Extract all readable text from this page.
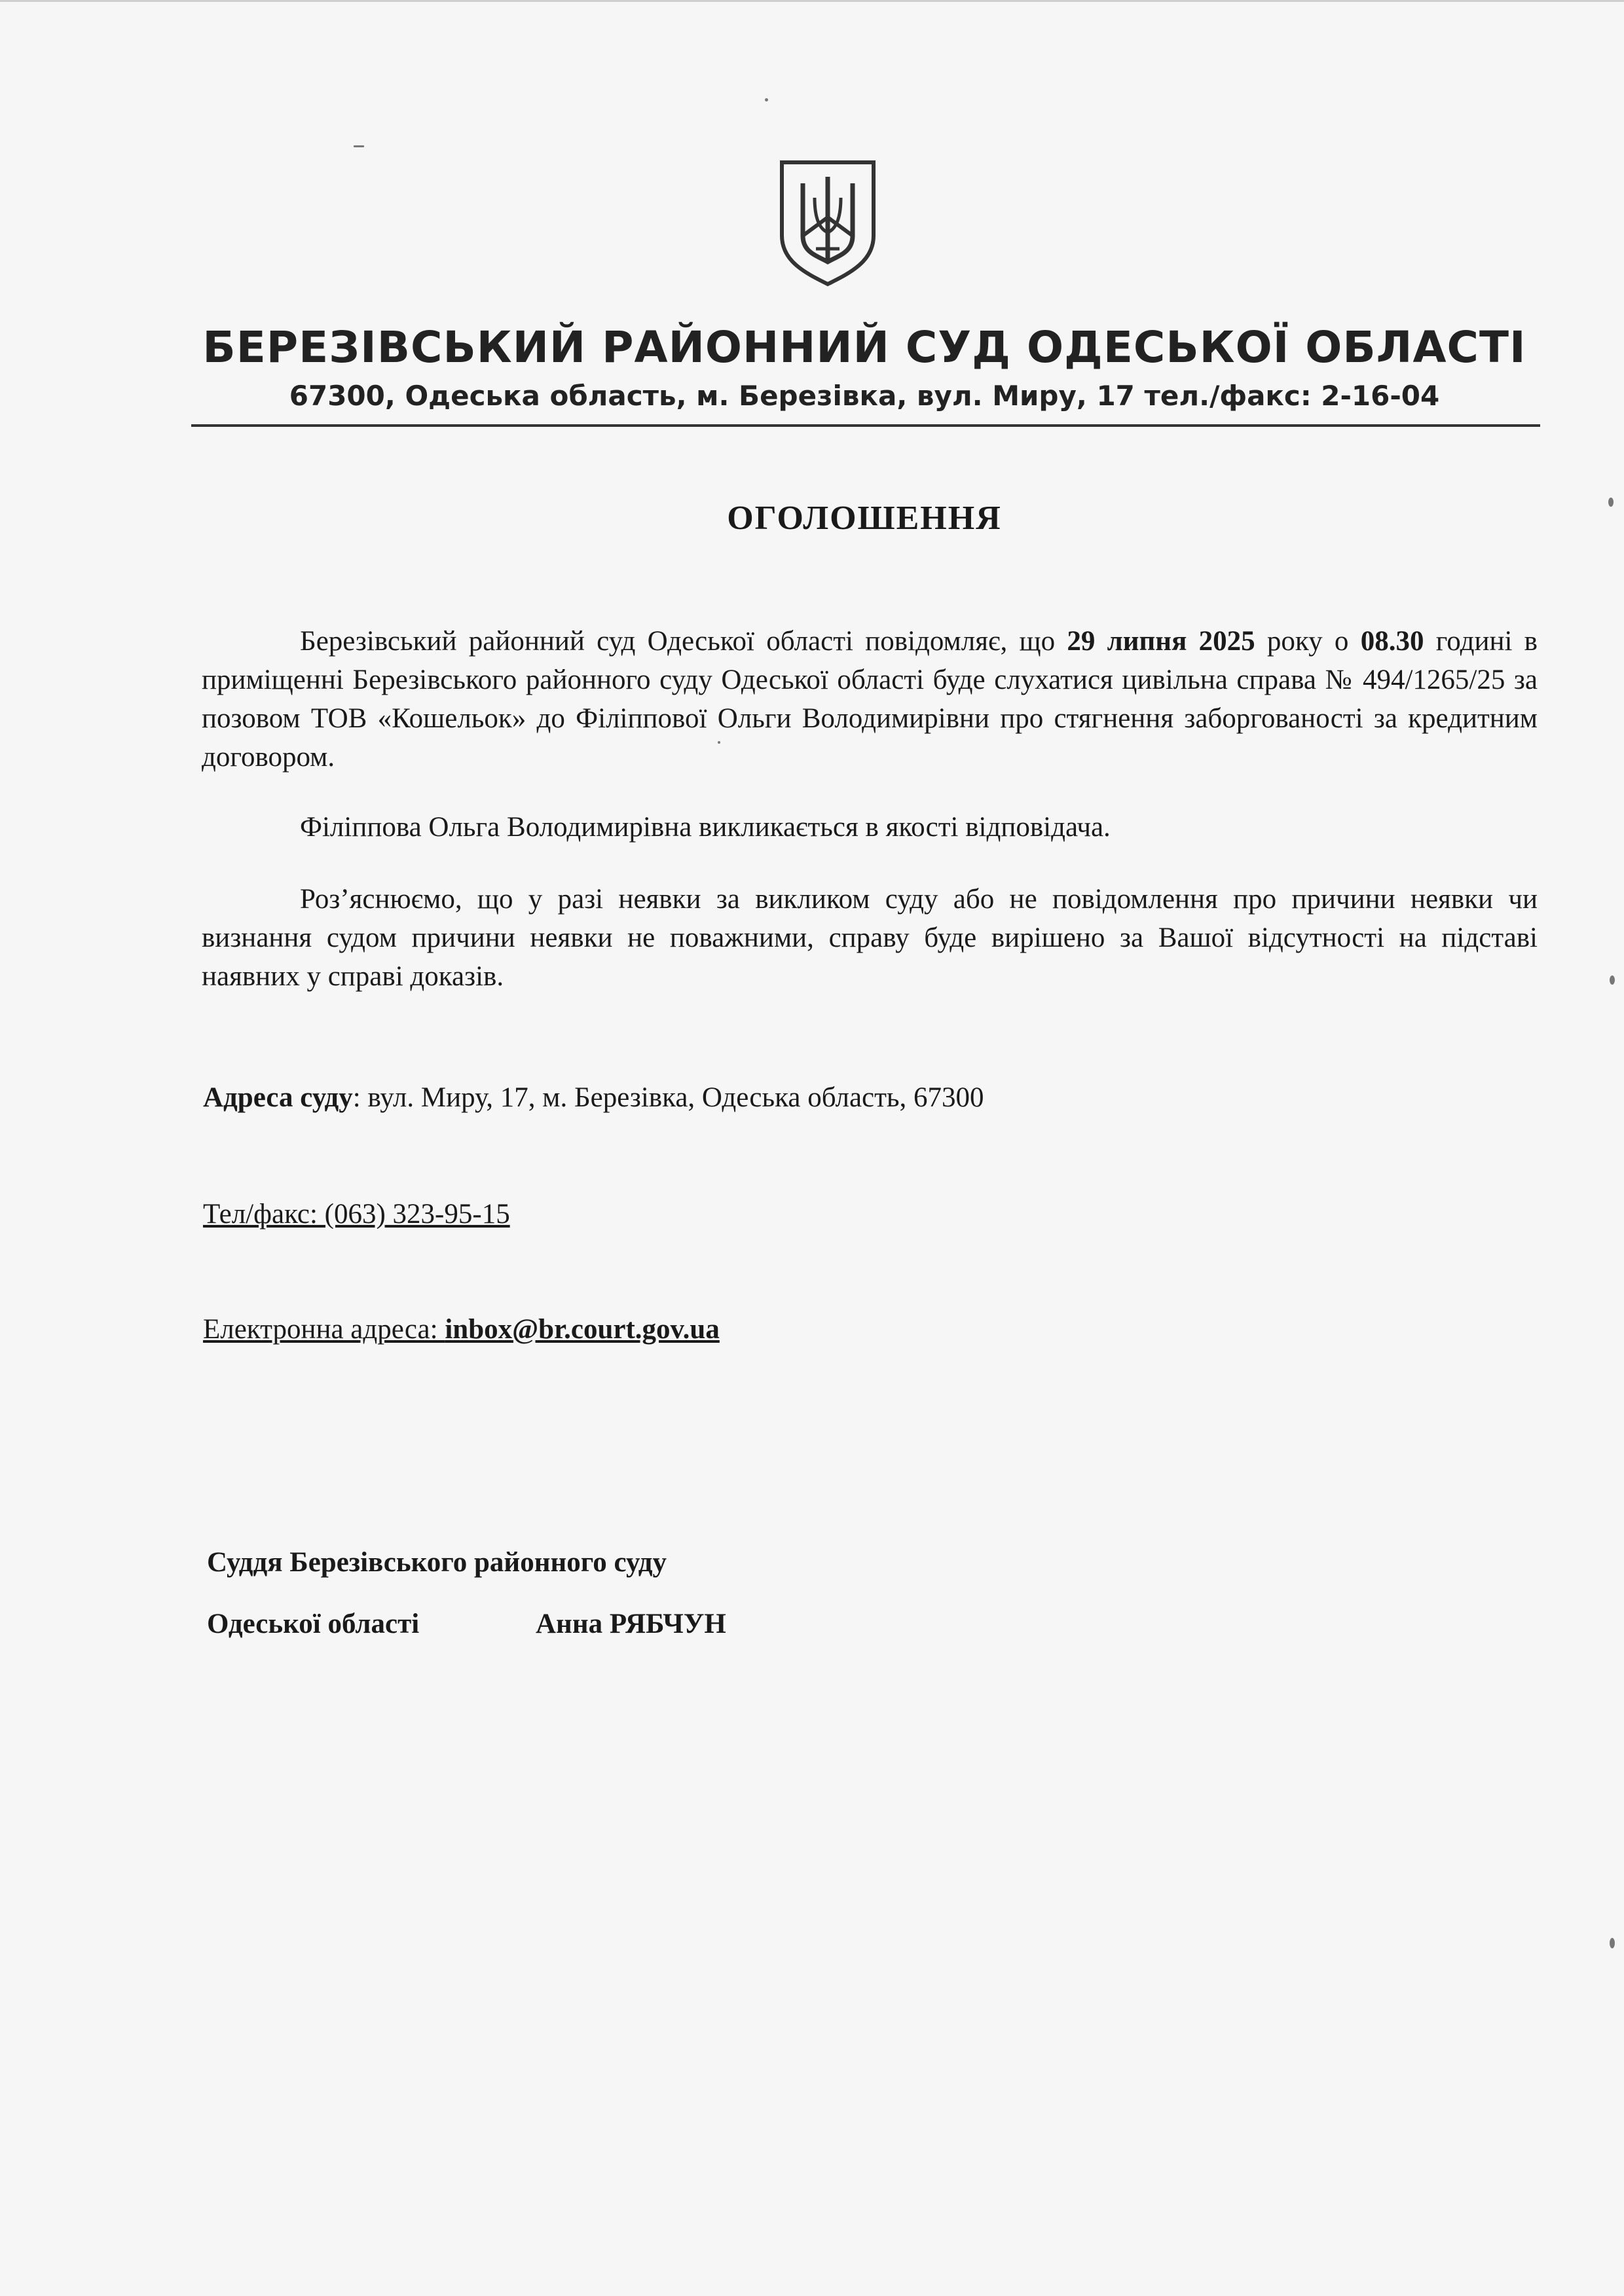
БЕРЕЗІВСЬКИЙ РАЙОННИЙ СУД ОДЕСЬКОЇ ОБЛАСТІ
67300, Одеська область, м. Березівка, вул. Миру, 17 тел./факс: 2-16-04
ОГОЛОШЕННЯ
Березівський районний суд Одеської області повідомляє, що 29 липня 2025 року о 08.30 годині в приміщенні Березівського районного суду Одеської області буде слухатися цивільна справа № 494/1265/25 за позовом ТОВ «Кошельок» до Філіппової Ольги Володимирівни про стягнення заборгованості за кредитним договором.
Філіппова Ольга Володимирівна викликається в якості відповідача.
Роз’яснюємо, що у разі неявки за викликом суду або не повідомлення про причини неявки чи визнання судом причини неявки не поважними, справу буде вирішено за Вашої відсутності на підставі наявних у справі доказів.
Адреса суду: вул. Миру, 17, м. Березівка, Одеська область, 67300
Тел/факс: (063) 323-95-15
Електронна адреса: inbox@br.court.gov.ua
Суддя Березівського районного суду
Одеської області	Анна РЯБЧУН
